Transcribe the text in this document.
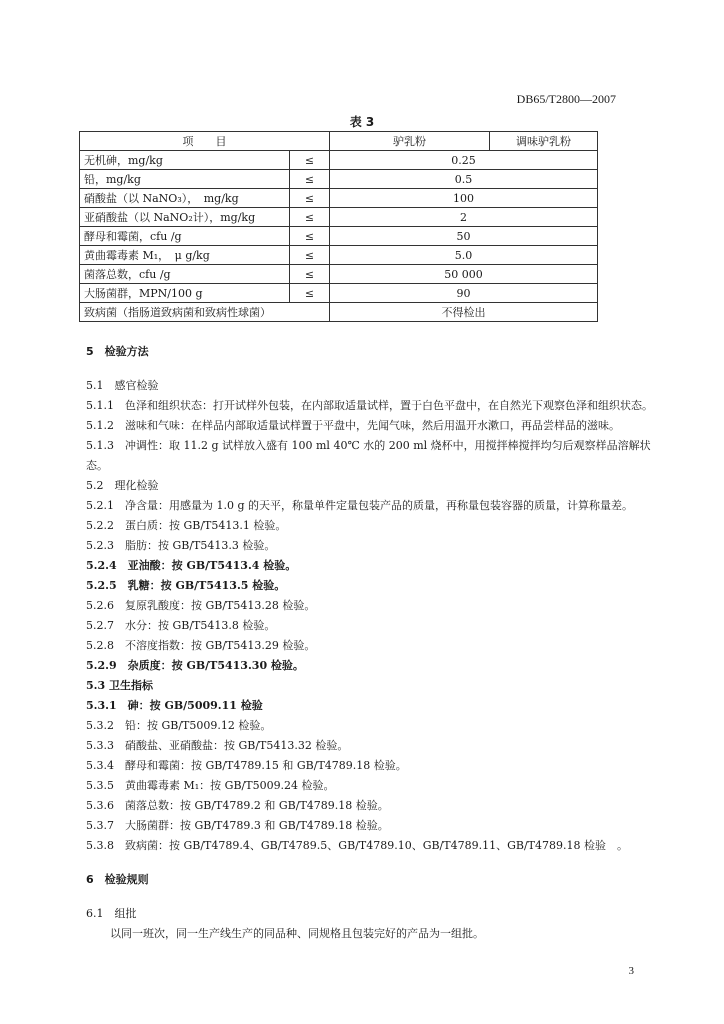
DB65/T2800—2007
表 3
项　　目		驴乳粉	调味驴乳粉
无机砷，mg/kg	≤	0.25	
铅，mg/kg	≤	0.5	
硝酸盐（以 NaNO₃），　mg/kg	≤	100	
亚硝酸盐（以 NaNO₂计），mg/kg	≤	2	
酵母和霉菌，cfu /g	≤	50	
黄曲霉毒素 M₁，　μ g/kg	≤	5.0	
菌落总数，cfu /g	≤	50 000	
大肠菌群，MPN/100 g	≤	90	
致病菌（指肠道致病菌和致病性球菌）		不得检出	
5　检验方法
5.1　感官检验
5.1.1　色泽和组织状态：打开试样外包装，在内部取适量试样，置于白色平盘中，在自然光下观察色泽和组织状态。
5.1.2　滋味和气味：在样品内部取适量试样置于平盘中，先闻气味，然后用温开水漱口，再品尝样品的滋味。
5.1.3　冲调性：取 11.2 g 试样放入盛有 100 ml 40℃ 水的 200 ml 烧杯中，用搅拌棒搅拌均匀后观察样品溶解状态。
5.2　理化检验
5.2.1　净含量：用感量为 1.0 g 的天平，称量单件定量包装产品的质量，再称量包装容器的质量，计算称量差。
5.2.2　蛋白质：按 GB/T5413.1 检验。
5.2.3　脂肪：按 GB/T5413.3 检验。
5.2.4　亚油酸：按 GB/T5413.4 检验。
5.2.5　乳糖：按 GB/T5413.5 检验。
5.2.6　复原乳酸度：按 GB/T5413.28 检验。
5.2.7　水分：按 GB/T5413.8 检验。
5.2.8　不溶度指数：按 GB/T5413.29 检验。
5.2.9　杂质度：按 GB/T5413.30 检验。
5.3 卫生指标
5.3.1　砷：按 GB/5009.11 检验
5.3.2　铅：按 GB/T5009.12 检验。
5.3.3　硝酸盐、亚硝酸盐：按 GB/T5413.32 检验。
5.3.4　酵母和霉菌：按 GB/T4789.15 和 GB/T4789.18 检验。
5.3.5　黄曲霉毒素 M₁：按 GB/T5009.24 检验。
5.3.6　菌落总数：按 GB/T4789.2 和 GB/T4789.18 检验。
5.3.7　大肠菌群：按 GB/T4789.3 和 GB/T4789.18 检验。
5.3.8　致病菌：按 GB/T4789.4、GB/T4789.5、GB/T4789.10、GB/T4789.11、GB/T4789.18 检验　。
6　检验规则
6.1　组批
以同一班次，同一生产线生产的同品种、同规格且包装完好的产品为一组批。
3
